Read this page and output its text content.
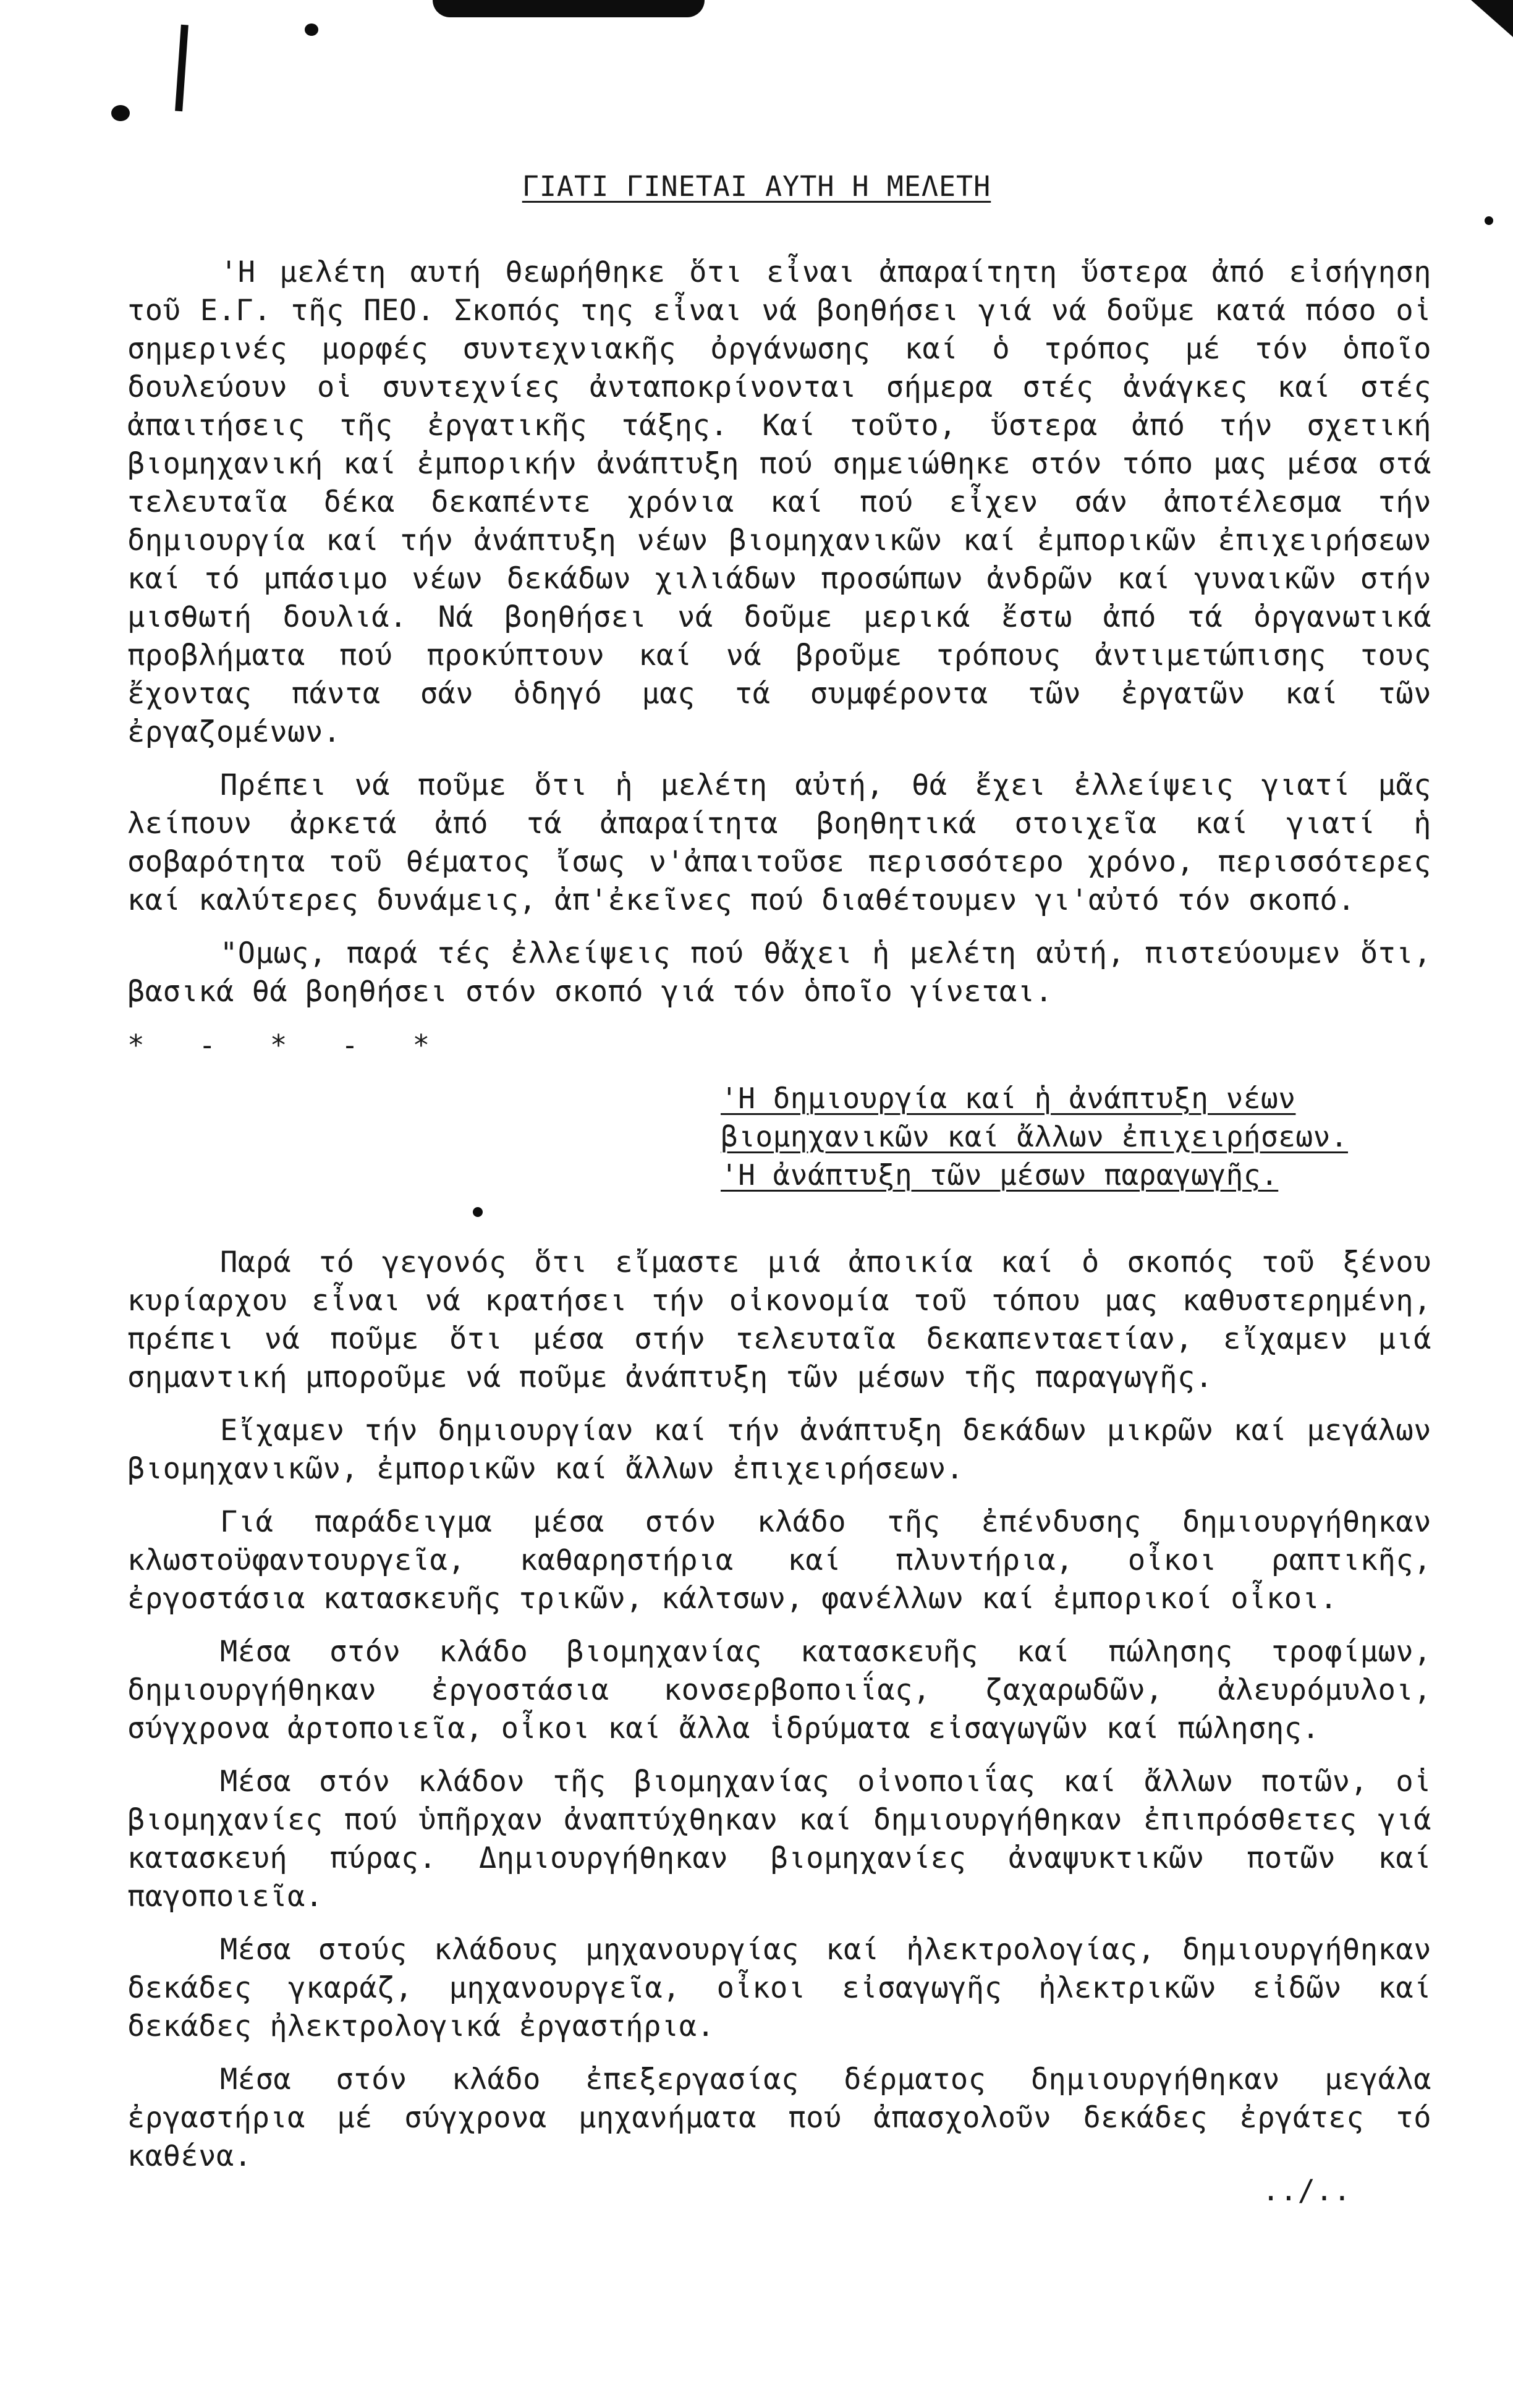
ΓΙΑΤΙ ΓΙΝΕΤΑΙ ΑΥΤΗ Η ΜΕΛΕΤΗ

'Η μελέτη αυτή θεωρήθηκε ὅτι εἶναι ἀπαραίτητη ὕστερα ἀπό εἰσήγηση τοῦ Ε.Γ. τῆς ΠΕΟ. Σκοπός της εἶναι νά βοηθήσει γιά νά δοῦμε κατά πόσο οἱ σημερινές μορφές συντεχνιακῆς ὀργάνωσης καί ὁ τρόπος μέ τόν ὁποῖο δουλεύουν οἱ συντεχνίες ἀνταποκρίνονται σήμερα στές ἀνάγκες καί στές ἀπαιτήσεις τῆς ἐργατικῆς τάξης. Καί τοῦτο, ὕστερα ἀπό τήν σχετική βιομηχανική καί ἐμπορικήν ἀνάπτυξη πού σημειώθηκε στόν τόπο μας μέσα στά τελευταῖα δέκα δεκαπέντε χρόνια καί πού εἶχεν σάν ἀποτέλεσμα τήν δημιουργία καί τήν ἀνάπτυξη νέων βιομηχανικῶν καί ἐμπορικῶν ἐπιχειρήσεων καί τό μπάσιμο νέων δεκάδων χιλιάδων προσώπων ἀνδρῶν καί γυναικῶν στήν μισθωτή δουλιά. Νά βοηθήσει νά δοῦμε μερικά ἔστω ἀπό τά ὀργανωτικά προβλήματα πού προκύπτουν καί νά βροῦμε τρόπους ἀντιμετώπισης τους ἔχοντας πάντα σάν ὁδηγό μας τά συμφέροντα τῶν ἐργατῶν καί τῶν ἐργαζομένων.

Πρέπει νά ποῦμε ὅτι ἡ μελέτη αὐτή, θά ἔχει ἐλλείψεις γιατί μᾶς λείπουν ἀρκετά ἀπό τά ἀπαραίτητα βοηθητικά στοιχεῖα καί γιατί ἡ σοβαρότητα τοῦ θέματος ἴσως ν'ἀπαιτοῦσε περισσότερο χρόνο, περισσότερες καί καλύτερες δυνάμεις, ἀπ'ἐκεῖνες πού διαθέτουμεν γι'αὐτό τόν σκοπό.

"Ομως, παρά τές ἐλλείψεις πού θἄχει ἡ μελέτη αὐτή, πιστεύουμεν ὅτι, βασικά θά βοηθήσει στόν σκοπό γιά τόν ὁποῖο γίνεται.

* - * - *

'Η δημιουργία καί ἡ ἀνάπτυξη νέων
βιομηχανικῶν καί ἄλλων ἐπιχειρήσεων.
'Η ἀνάπτυξη τῶν μέσων παραγωγῆς.

Παρά τό γεγονός ὅτι εἴμαστε μιά ἀποικία καί ὁ σκοπός τοῦ ξένου κυρίαρχου εἶναι νά κρατήσει τήν οἰκονομία τοῦ τόπου μας καθυστερημένη, πρέπει νά ποῦμε ὅτι μέσα στήν τελευταῖα δεκαπενταετίαν, εἴχαμεν μιά σημαντική μποροῦμε νά ποῦμε ἀνάπτυξη τῶν μέσων τῆς παραγωγῆς.

Εἴχαμεν τήν δημιουργίαν καί τήν ἀνάπτυξη δεκάδων μικρῶν καί μεγάλων βιομηχανικῶν, ἐμπορικῶν καί ἄλλων ἐπιχειρήσεων.

Γιά παράδειγμα μέσα στόν κλάδο τῆς ἐπένδυσης δημιουργήθηκαν κλωστοϋφαντουργεῖα, καθαρηστήρια καί πλυντήρια, οἶκοι ραπτικῆς, ἐργοστάσια κατασκευῆς τρικῶν, κάλτσων, φανέλλων καί ἐμπορικοί οἶκοι.

Μέσα στόν κλάδο βιομηχανίας κατασκευῆς καί πώλησης τροφίμων, δημιουργήθηκαν ἐργοστάσια κονσερβοποιΐας, ζαχαρωδῶν, ἀλευρόμυλοι, σύγχρονα ἀρτοποιεῖα, οἶκοι καί ἄλλα ἱδρύματα εἰσαγωγῶν καί πώλησης.

Μέσα στόν κλάδον τῆς βιομηχανίας οἰνοποιΐας καί ἄλλων ποτῶν, οἱ βιομηχανίες πού ὑπῆρχαν ἀναπτύχθηκαν καί δημιουργήθηκαν ἐπιπρόσθετες γιά κατασκευή πύρας. Δημιουργήθηκαν βιομηχανίες ἀναψυκτικῶν ποτῶν καί παγοποιεῖα.

Μέσα στούς κλάδους μηχανουργίας καί ἠλεκτρολογίας, δημιουργήθηκαν δεκάδες γκαράζ, μηχανουργεῖα, οἶκοι εἰσαγωγῆς ἠλεκτρικῶν εἰδῶν καί δεκάδες ἠλεκτρολογικά ἐργαστήρια.

Μέσα στόν κλάδο ἐπεξεργασίας δέρματος δημιουργήθηκαν μεγάλα ἐργαστήρια μέ σύγχρονα μηχανήματα πού ἀπασχολοῦν δεκάδες ἐργάτες τό καθένα.

../..
